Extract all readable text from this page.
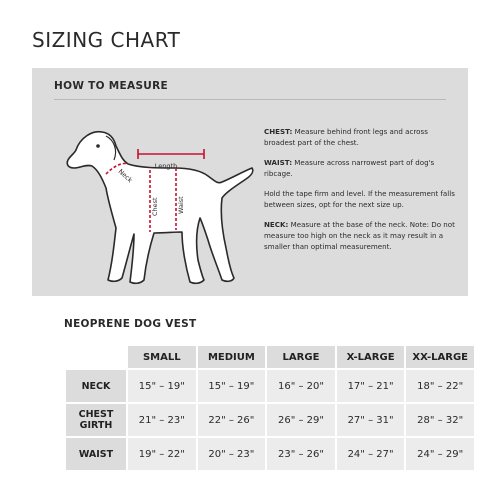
SIZING CHART
HOW TO MEASURE
Length
Neck
Chest	Waist

CHEST: Measure behind front legs and across broadest part of the chest.

WAIST: Measure across narrowest part of dog's ribcage.

Hold the tape firm and level. If the measurement falls between sizes, opt for the next size up.

NECK: Measure at the base of the neck. Note: Do not measure too high on the neck as it may result in a smaller than optimal measurement.

NEOPRENE DOG VEST
	SMALL	MEDIUM	LARGE	X-LARGE	XX-LARGE
NECK	15" – 19"	15" – 19"	16" – 20"	17" – 21"	18" – 22"
CHEST
GIRTH	21" – 23"	22" – 26"	26" – 29"	27" – 31"	28" – 32"
WAIST	19" – 22"	20" – 23"	23" – 26"	24" – 27"	24" – 29"
